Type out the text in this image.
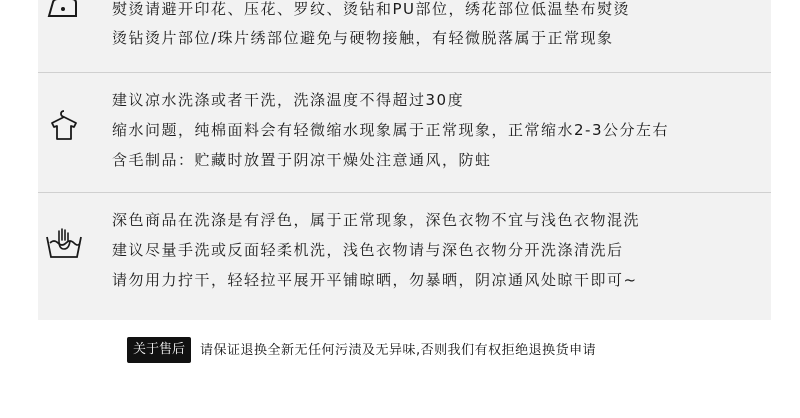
熨烫请避开印花、压花、罗纹、烫钻和PU部位，绣花部位低温垫布熨烫
烫钻烫片部位/珠片绣部位避免与硬物接触，有轻微脱落属于正常现象
建议凉水洗涤或者干洗，洗涤温度不得超过30度
缩水问题，纯棉面料会有轻微缩水现象属于正常现象，正常缩水2-3公分左右
含毛制品：贮藏时放置于阴凉干燥处注意通风，防蛀
深色商品在洗涤是有浮色，属于正常现象，深色衣物不宜与浅色衣物混洗
建议尽量手洗或反面轻柔机洗，浅色衣物请与深色衣物分开洗涤清洗后
请勿用力拧干，轻轻拉平展开平铺晾晒，勿暴晒，阴凉通风处晾干即可~
关于售后	请保证退换全新无任何污渍及无异味,否则我们有权拒绝退换货申请
